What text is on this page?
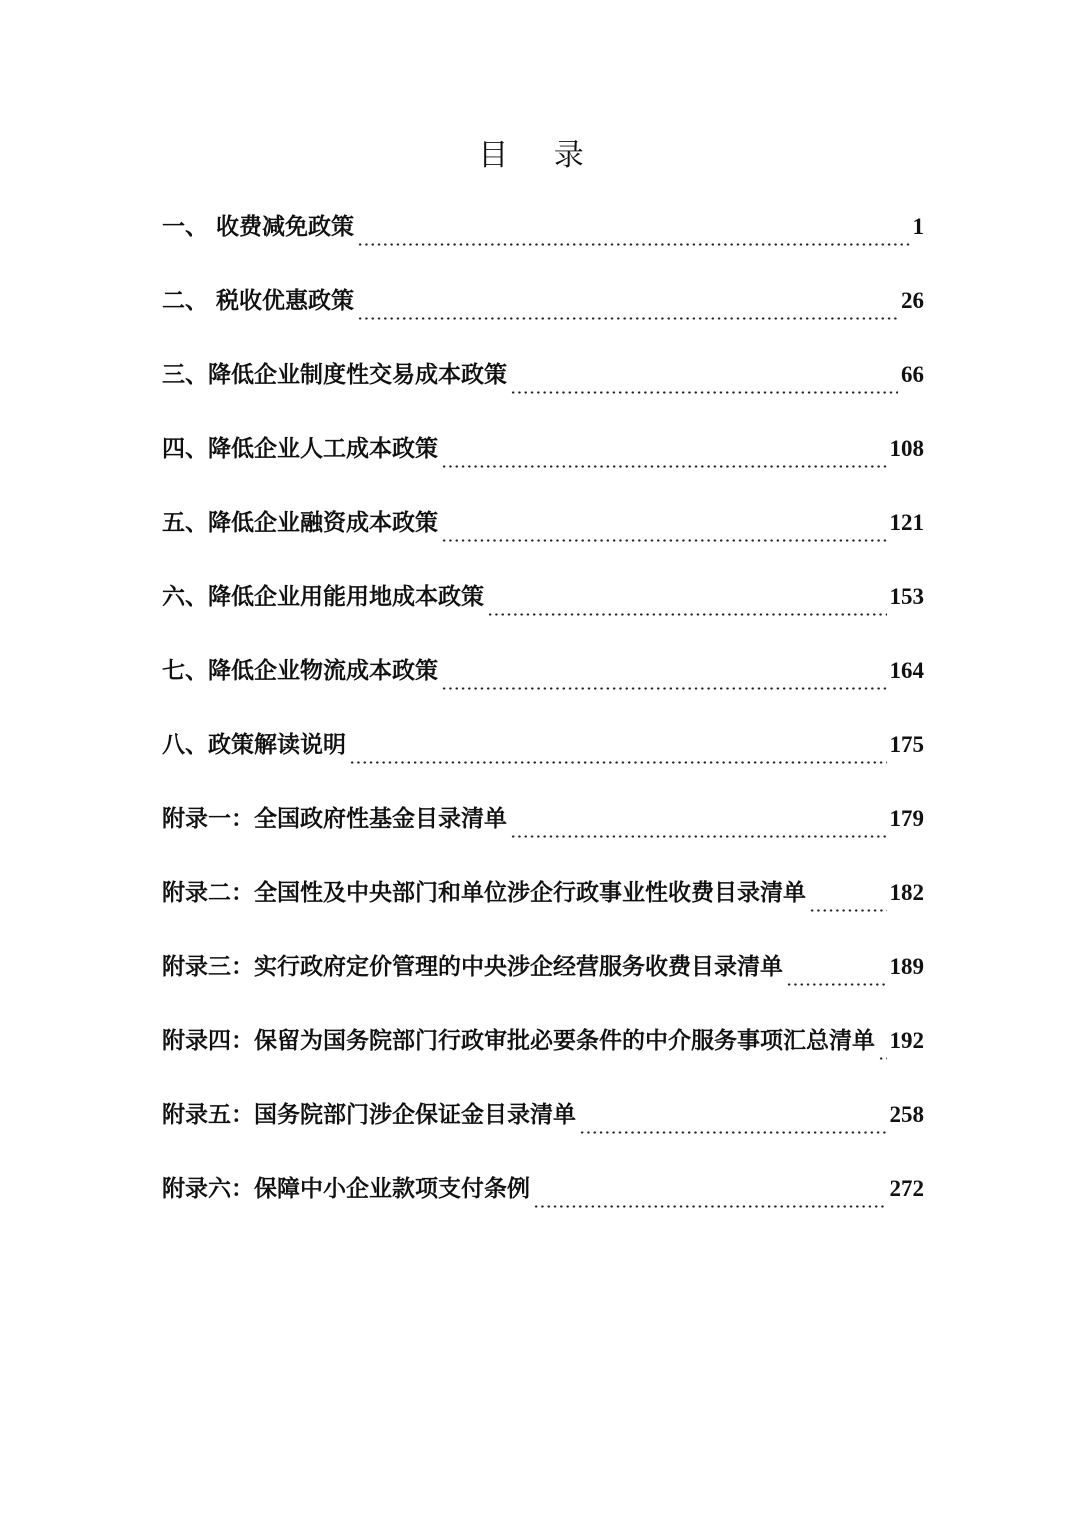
目 录
一、 收费减免政策	1
二、 税收优惠政策	26
三、降低企业制度性交易成本政策	66
四、降低企业人工成本政策	108
五、降低企业融资成本政策	121
六、降低企业用能用地成本政策	153
七、降低企业物流成本政策	164
八、政策解读说明	175
附录一：全国政府性基金目录清单	179
附录二：全国性及中央部门和单位涉企行政事业性收费目录清单	182
附录三：实行政府定价管理的中央涉企经营服务收费目录清单	189
附录四：保留为国务院部门行政审批必要条件的中介服务事项汇总清单 192
附录五：国务院部门涉企保证金目录清单	258
附录六：保障中小企业款项支付条例	272
